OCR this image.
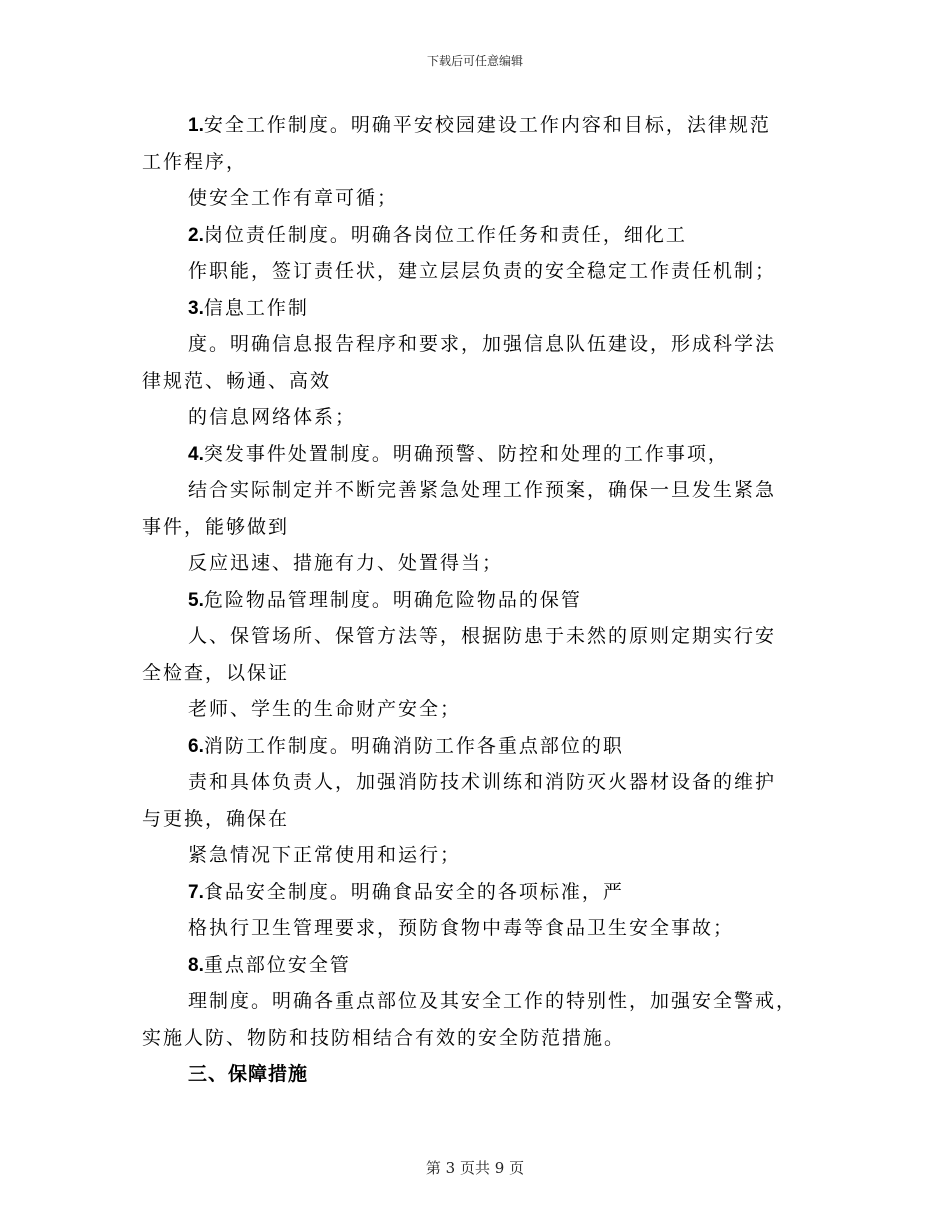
下载后可任意编辑
1.安全工作制度。明确平安校园建设工作内容和目标，法律规范
工作程序，
使安全工作有章可循；
2.岗位责任制度。明确各岗位工作任务和责任，细化工
作职能，签订责任状，建立层层负责的安全稳定工作责任机制；
3.信息工作制
度。明确信息报告程序和要求，加强信息队伍建设，形成科学法
律规范、畅通、高效
的信息网络体系；
4.突发事件处置制度。明确预警、防控和处理的工作事项，
结合实际制定并不断完善紧急处理工作预案，确保一旦发生紧急
事件，能够做到
反应迅速、措施有力、处置得当；
5.危险物品管理制度。明确危险物品的保管
人、保管场所、保管方法等，根据防患于未然的原则定期实行安
全检查，以保证
老师、学生的生命财产安全；
6.消防工作制度。明确消防工作各重点部位的职
责和具体负责人，加强消防技术训练和消防灭火器材设备的维护
与更换，确保在
紧急情况下正常使用和运行；
7.食品安全制度。明确食品安全的各项标准，严
格执行卫生管理要求，预防食物中毒等食品卫生安全事故；
8.重点部位安全管
理制度。明确各重点部位及其安全工作的特别性，加强安全警戒，
实施人防、物防和技防相结合有效的安全防范措施。
三、保障措施
第 3 页共 9 页
